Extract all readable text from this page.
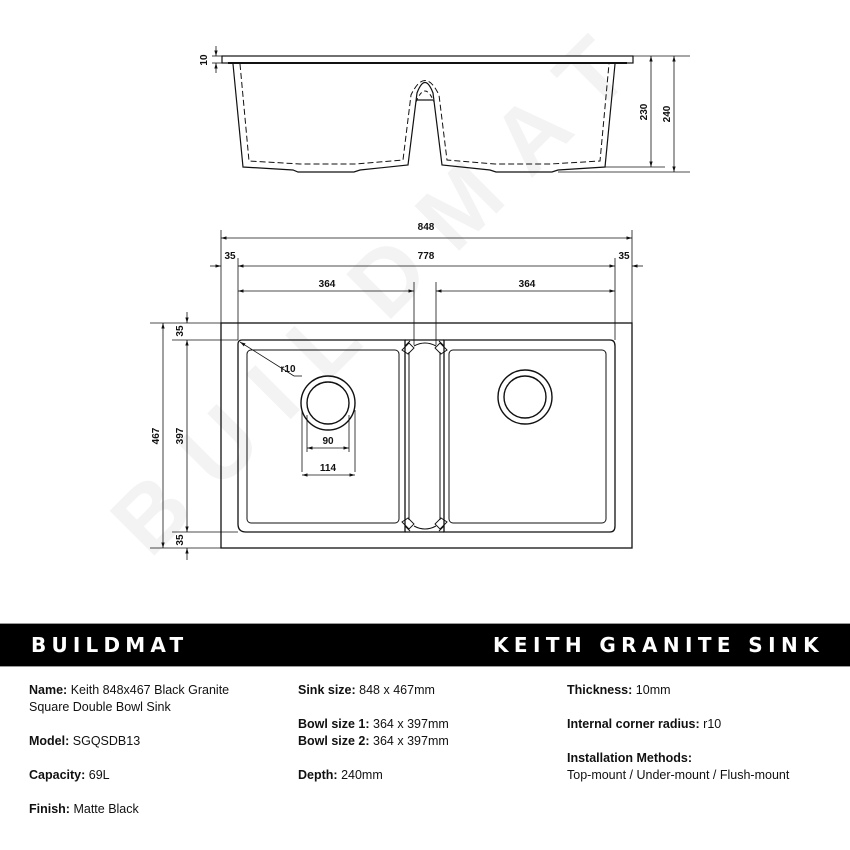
10
230 240
848
778
35	35
364	364
467 397
35
35
r10
90
114
BUILDMAT	KEITH GRANITE SINK
Name: Keith 848x467 Black Granite Square Double Bowl Sink
Model: SGQSDB13
Capacity: 69L
Finish: Matte Black
Sink size: 848 x 467mm
Bowl size 1: 364 x 397mm
Bowl size 2: 364 x 397mm
Depth: 240mm
Thickness: 10mm
Internal corner radius: r10
Installation Methods:
Top-mount / Under-mount / Flush-mount
